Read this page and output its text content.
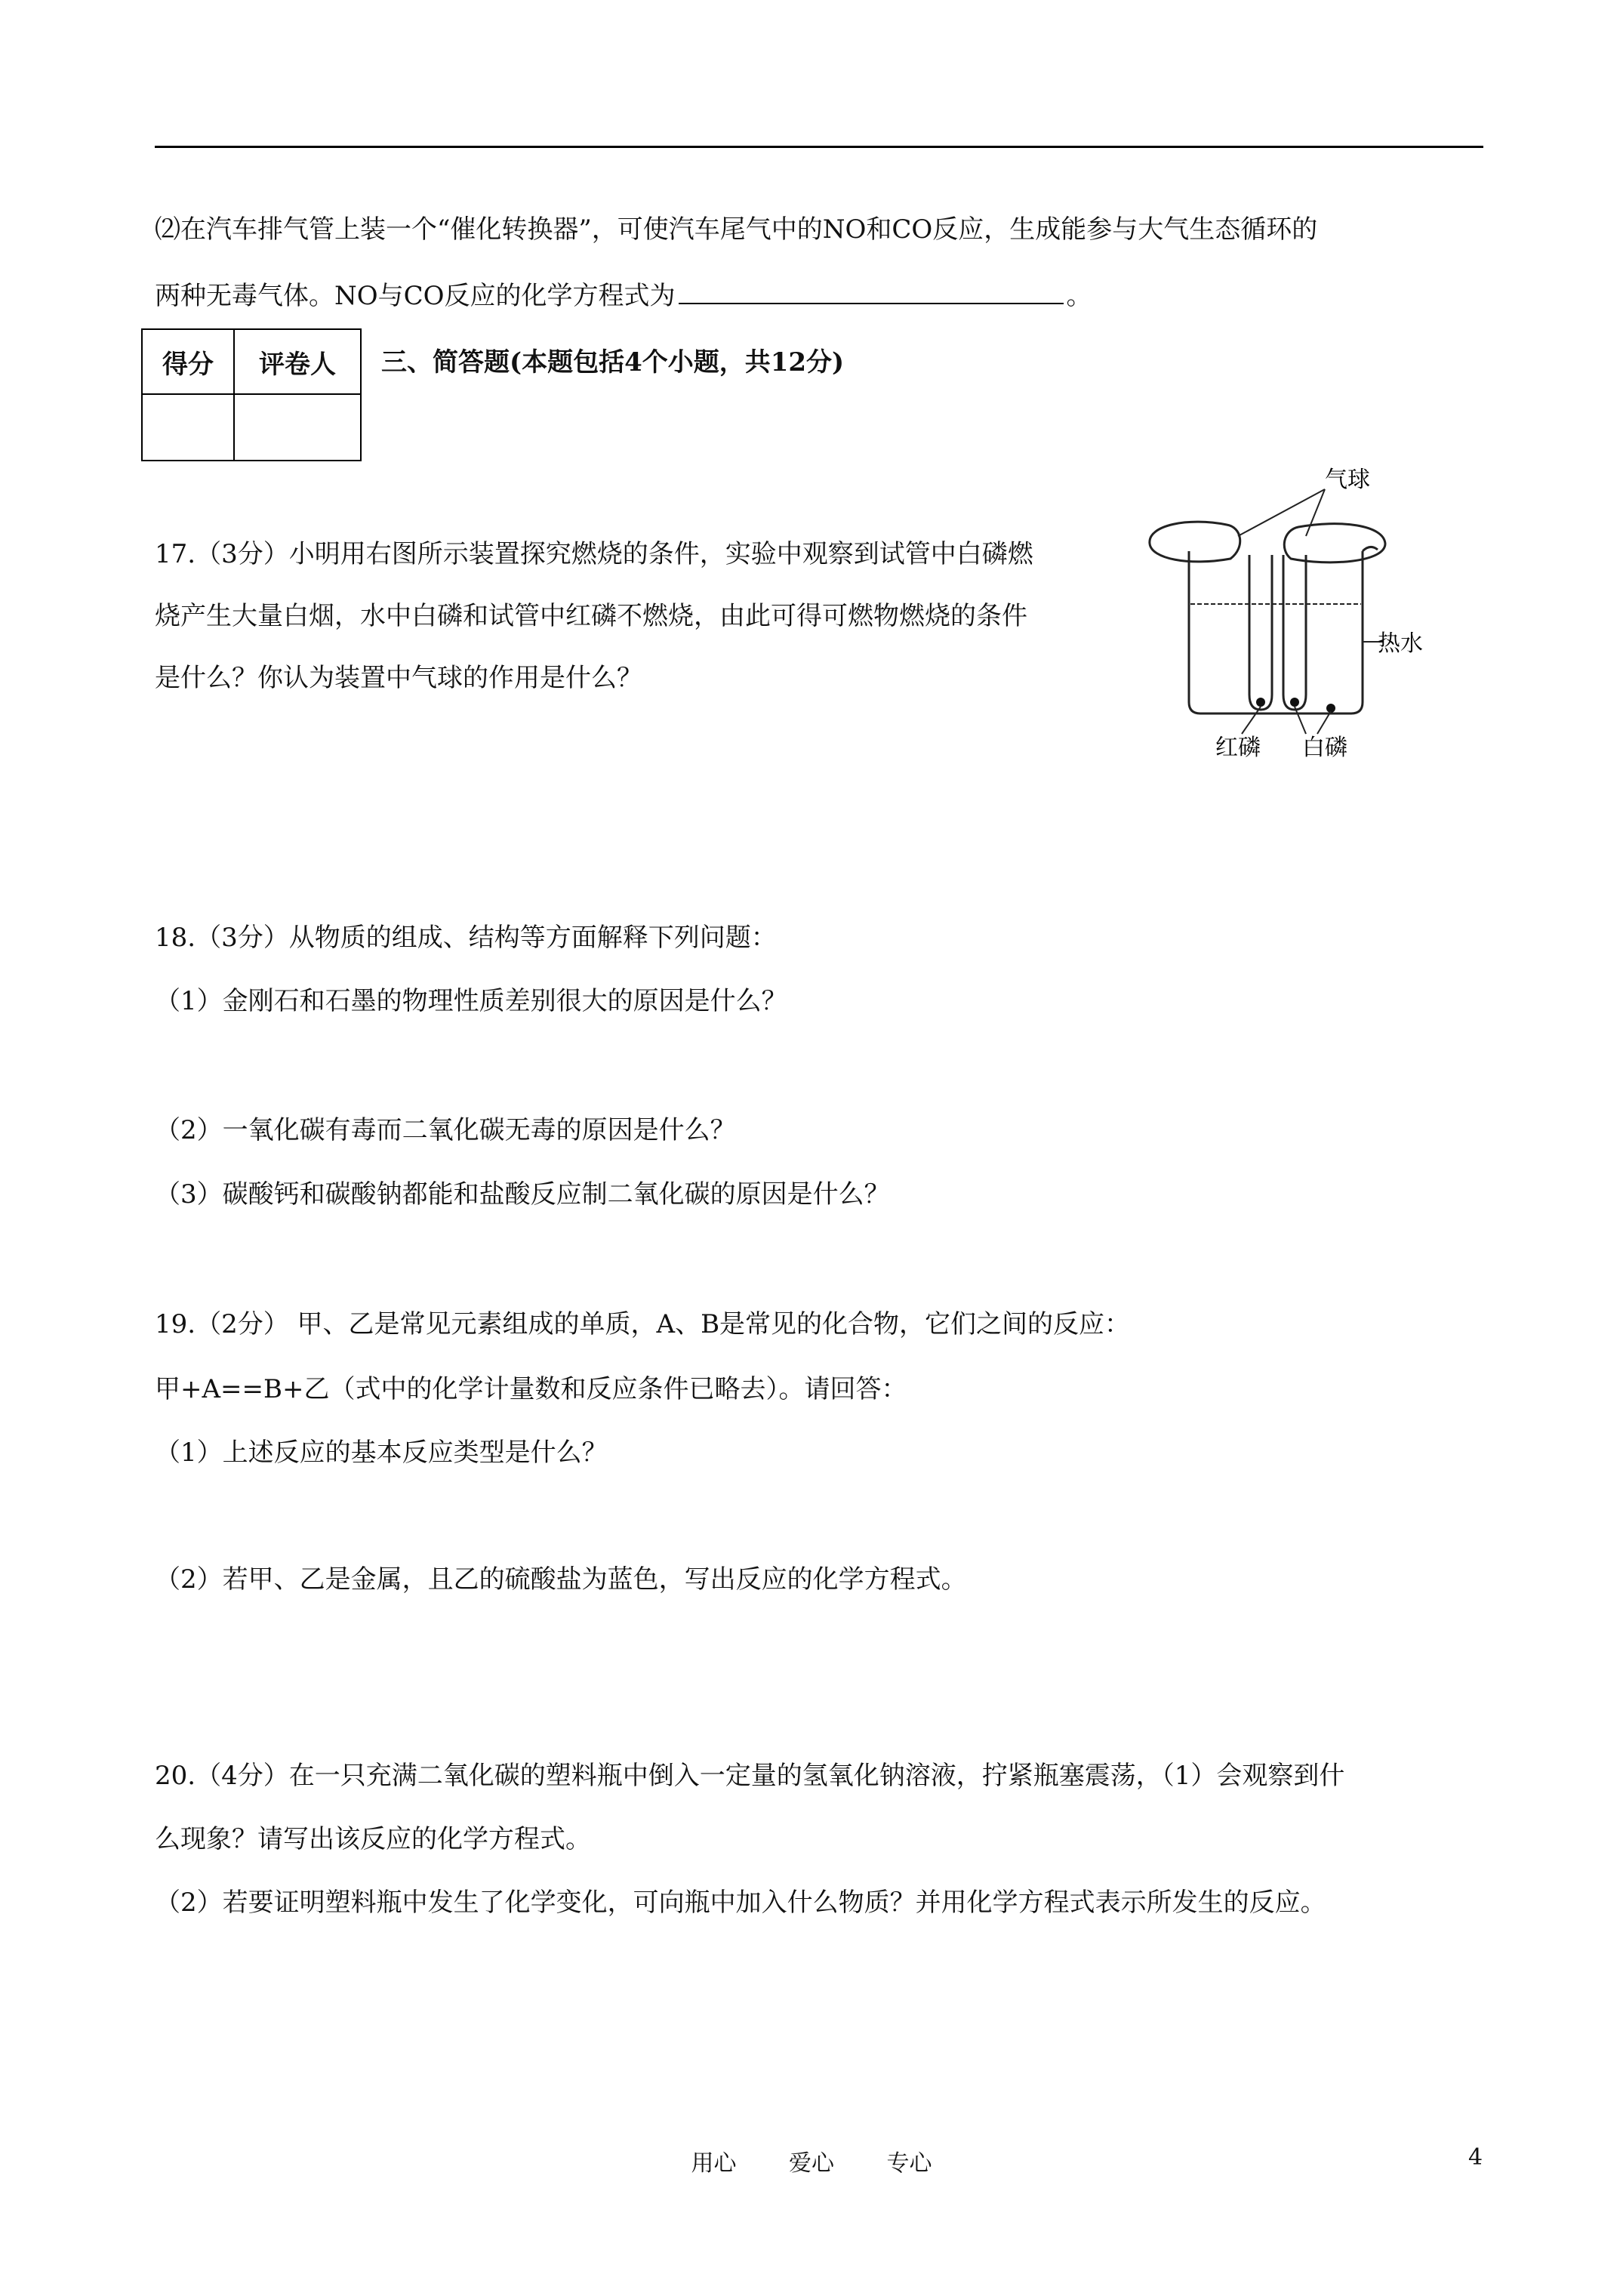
⑵在汽车排气管上装一个“催化转换器”，可使汽车尾气中的NO和CO反应，生成能参与大气生态循环的
两种无毒气体。NO与CO反应的化学方程式为	。
得分	评卷人
	三、简答题(本题包括4个小题，共12分)
17.（3分）小明用右图所示装置探究燃烧的条件，实验中观察到试管中白磷燃
烧产生大量白烟，水中白磷和试管中红磷不燃烧，由此可得可燃物燃烧的条件
是什么？你认为装置中气球的作用是什么？
气球
热水
红磷 白磷
18.（3分）从物质的组成、结构等方面解释下列问题：
（1）金刚石和石墨的物理性质差别很大的原因是什么？
（2）一氧化碳有毒而二氧化碳无毒的原因是什么？
（3）碳酸钙和碳酸钠都能和盐酸反应制二氧化碳的原因是什么？
19.（2分） 甲、乙是常见元素组成的单质，A、B是常见的化合物，它们之间的反应：
甲+A==B+乙（式中的化学计量数和反应条件已略去）。请回答：
（1）上述反应的基本反应类型是什么？
（2）若甲、乙是金属，且乙的硫酸盐为蓝色，写出反应的化学方程式。
20.（4分）在一只充满二氧化碳的塑料瓶中倒入一定量的氢氧化钠溶液，拧紧瓶塞震荡，（1）会观察到什
么现象？请写出该反应的化学方程式。
（2）若要证明塑料瓶中发生了化学变化，可向瓶中加入什么物质？并用化学方程式表示所发生的反应。
用心 爱心 专心	4
